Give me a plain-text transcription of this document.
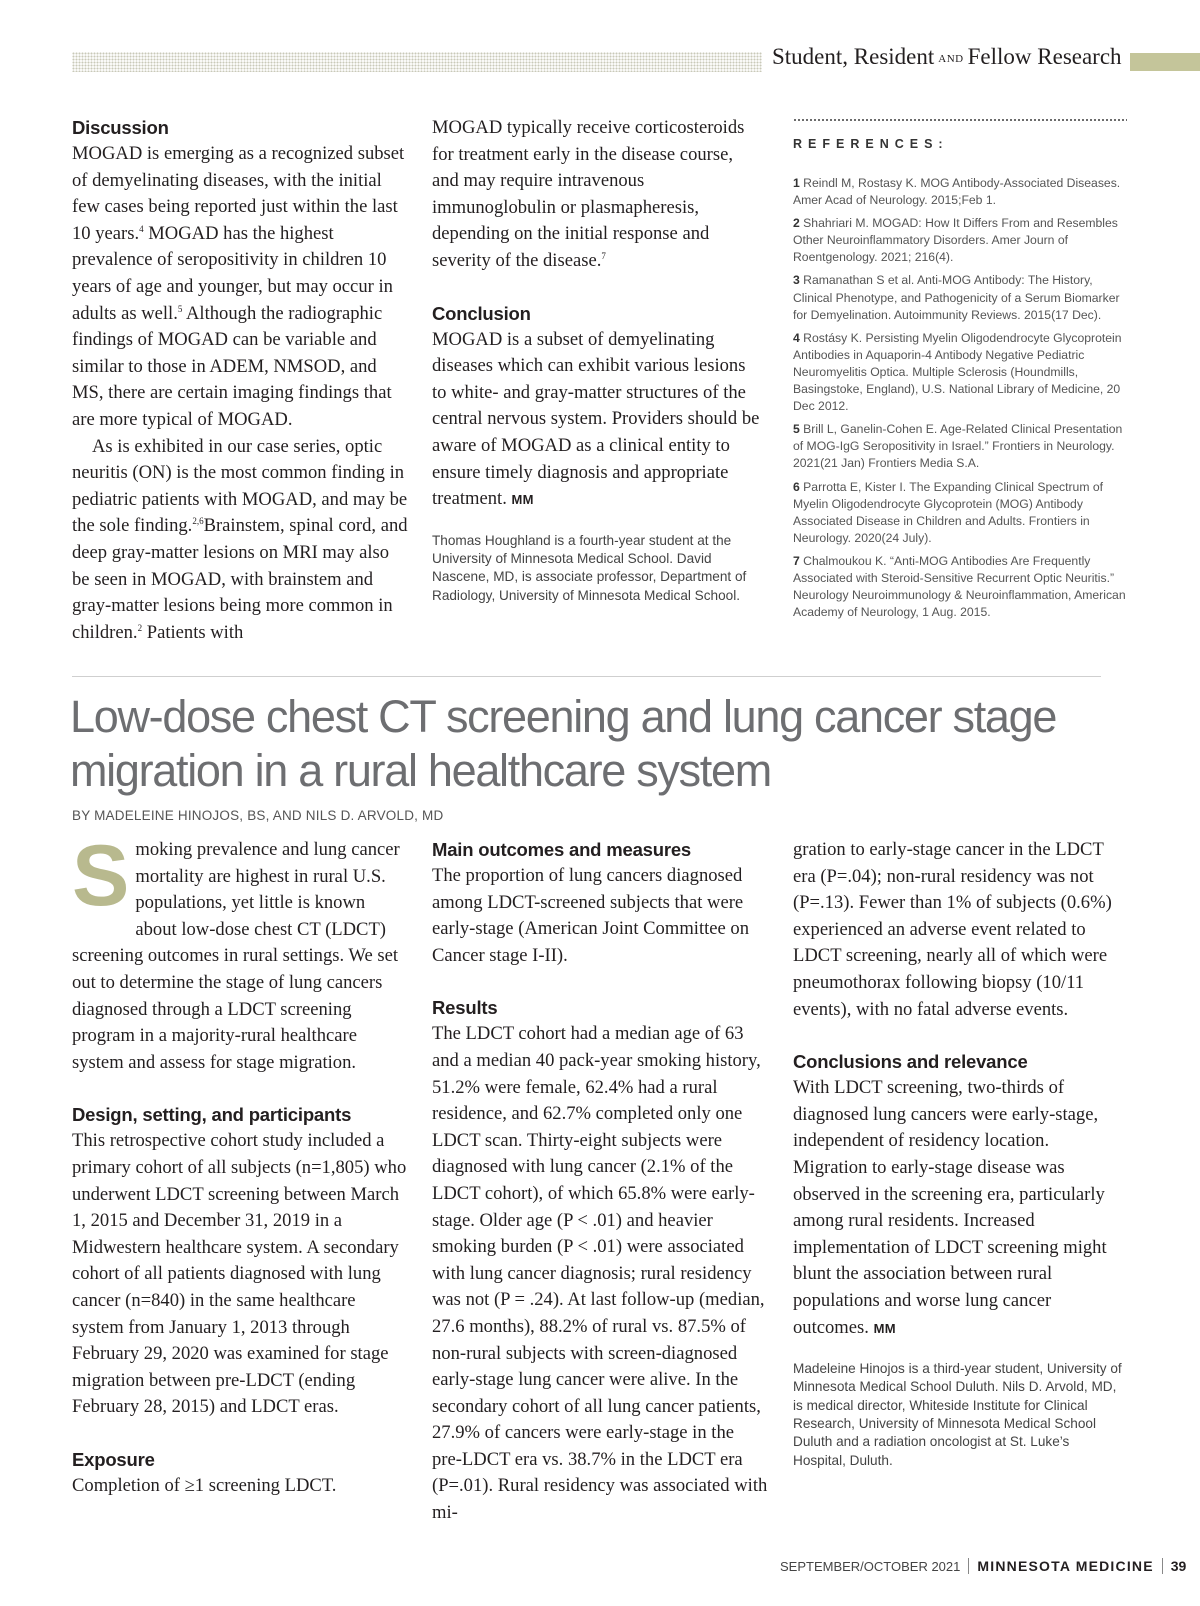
Student, Resident AND Fellow Research
Discussion

MOGAD is emerging as a recognized subset of demyelinating diseases, with the initial few cases being reported just within the last 10 years.$^4$ MOGAD has the highest prevalence of seropositivity in children 10 years of age and younger, but may occur in adults as well.$^5$ Although the radiographic findings of MOGAD can be variable and similar to those in ADEM, NMSOD, and MS, there are certain imaging findings that are more typical of MOGAD.

As is exhibited in our case series, optic neuritis (ON) is the most common finding in pediatric patients with MOGAD, and may be the sole finding.$^{2,6}$Brainstem, spinal cord, and deep gray-matter lesions on MRI may also be seen in MOGAD, with brainstem and gray-matter lesions being more common in children.$^2$ Patients with

MOGAD typically receive corticosteroids for treatment early in the disease course, and may require intravenous immunoglobulin or plasmapheresis, depending on the initial response and severity of the disease.$^7$

Conclusion

MOGAD is a subset of demyelinating diseases which can exhibit various lesions to white- and gray-matter structures of the central nervous system. Providers should be aware of MOGAD as a clinical entity to ensure timely diagnosis and appropriate treatment. MM

Thomas Houghland is a fourth-year student at the University of Minnesota Medical School. David Nascene, MD, is associate professor, Department of Radiology, University of Minnesota Medical School.

REFERENCES:
1 Reindl M, Rostasy K. MOG Antibody-Associated Diseases. Amer Acad of Neurology. 2015;Feb 1.
2 Shahriari M. MOGAD: How It Differs From and Resembles Other Neuroinflammatory Disorders. Amer Journ of Roentgenology. 2021; 216(4).
3 Ramanathan S et al. Anti-MOG Antibody: The History, Clinical Phenotype, and Pathogenicity of a Serum Biomarker for Demyelination. Autoimmunity Reviews. 2015(17 Dec).
4 Rostásy K. Persisting Myelin Oligodendrocyte Glycoprotein Antibodies in Aquaporin-4 Antibody Negative Pediatric Neuromyelitis Optica. Multiple Sclerosis (Houndmills, Basingstoke, England), U.S. National Library of Medicine, 20 Dec 2012.
5 Brill L, Ganelin-Cohen E. Age-Related Clinical Presentation of MOG-IgG Seropositivity in Israel.” Frontiers in Neurology. 2021(21 Jan) Frontiers Media S.A.
6 Parrotta E, Kister I. The Expanding Clinical Spectrum of Myelin Oligodendrocyte Glycoprotein (MOG) Antibody Associated Disease in Children and Adults. Frontiers in Neurology. 2020(24 July).
7 Chalmoukou K. “Anti-MOG Antibodies Are Frequently Associated with Steroid-Sensitive Recurrent Optic Neuritis.” Neurology Neuroimmunology & Neuroinflammation, American Academy of Neurology, 1 Aug. 2015.
Low-dose chest CT screening and lung cancer stage migration in a rural healthcare system
BY MADELEINE HINOJOS, BS, AND NILS D. ARVOLD, MD

Smoking prevalence and lung cancer mortality are highest in rural U.S. populations, yet little is known about low-dose chest CT (LDCT) screening outcomes in rural settings. We set out to determine the stage of lung cancers diagnosed through a LDCT screening program in a majority-rural healthcare system and assess for stage migration.

Design, setting, and participants

This retrospective cohort study included a primary cohort of all subjects (n=1,805) who underwent LDCT screening between March 1, 2015 and December 31, 2019 in a Midwestern healthcare system. A secondary cohort of all patients diagnosed with lung cancer (n=840) in the same healthcare system from January 1, 2013 through February 29, 2020 was examined for stage migration between pre-LDCT (ending February 28, 2015) and LDCT eras.

Exposure

Completion of ≥1 screening LDCT.

Main outcomes and measures

The proportion of lung cancers diagnosed among LDCT-screened subjects that were early-stage (American Joint Committee on Cancer stage I-II).

Results

The LDCT cohort had a median age of 63 and a median 40 pack-year smoking history, 51.2% were female, 62.4% had a rural residence, and 62.7% completed only one LDCT scan. Thirty-eight subjects were diagnosed with lung cancer (2.1% of the LDCT cohort), of which 65.8% were early-stage. Older age (P < .01) and heavier smoking burden (P < .01) were associated with lung cancer diagnosis; rural residency was not (P = .24). At last follow-up (median, 27.6 months), 88.2% of rural vs. 87.5% of non-rural subjects with screen-diagnosed early-stage lung cancer were alive. In the secondary cohort of all lung cancer patients, 27.9% of cancers were early-stage in the pre-LDCT era vs. 38.7% in the LDCT era (P=.01). Rural residency was associated with mi-

gration to early-stage cancer in the LDCT era (P=.04); non-rural residency was not (P=.13). Fewer than 1% of subjects (0.6%) experienced an adverse event related to LDCT screening, nearly all of which were pneumothorax following biopsy (10/11 events), with no fatal adverse events.

Conclusions and relevance

With LDCT screening, two-thirds of diagnosed lung cancers were early-stage, independent of residency location. Migration to early-stage disease was observed in the screening era, particularly among rural residents. Increased implementation of LDCT screening might blunt the association between rural populations and worse lung cancer outcomes. MM

Madeleine Hinojos is a third-year student, University of Minnesota Medical School Duluth. Nils D. Arvold, MD, is medical director, Whiteside Institute for Clinical Research, University of Minnesota Medical School Duluth and a radiation oncologist at St. Luke’s Hospital, Duluth.

SEPTEMBER/OCTOBER 2021 MINNESOTA MEDICINE 39
